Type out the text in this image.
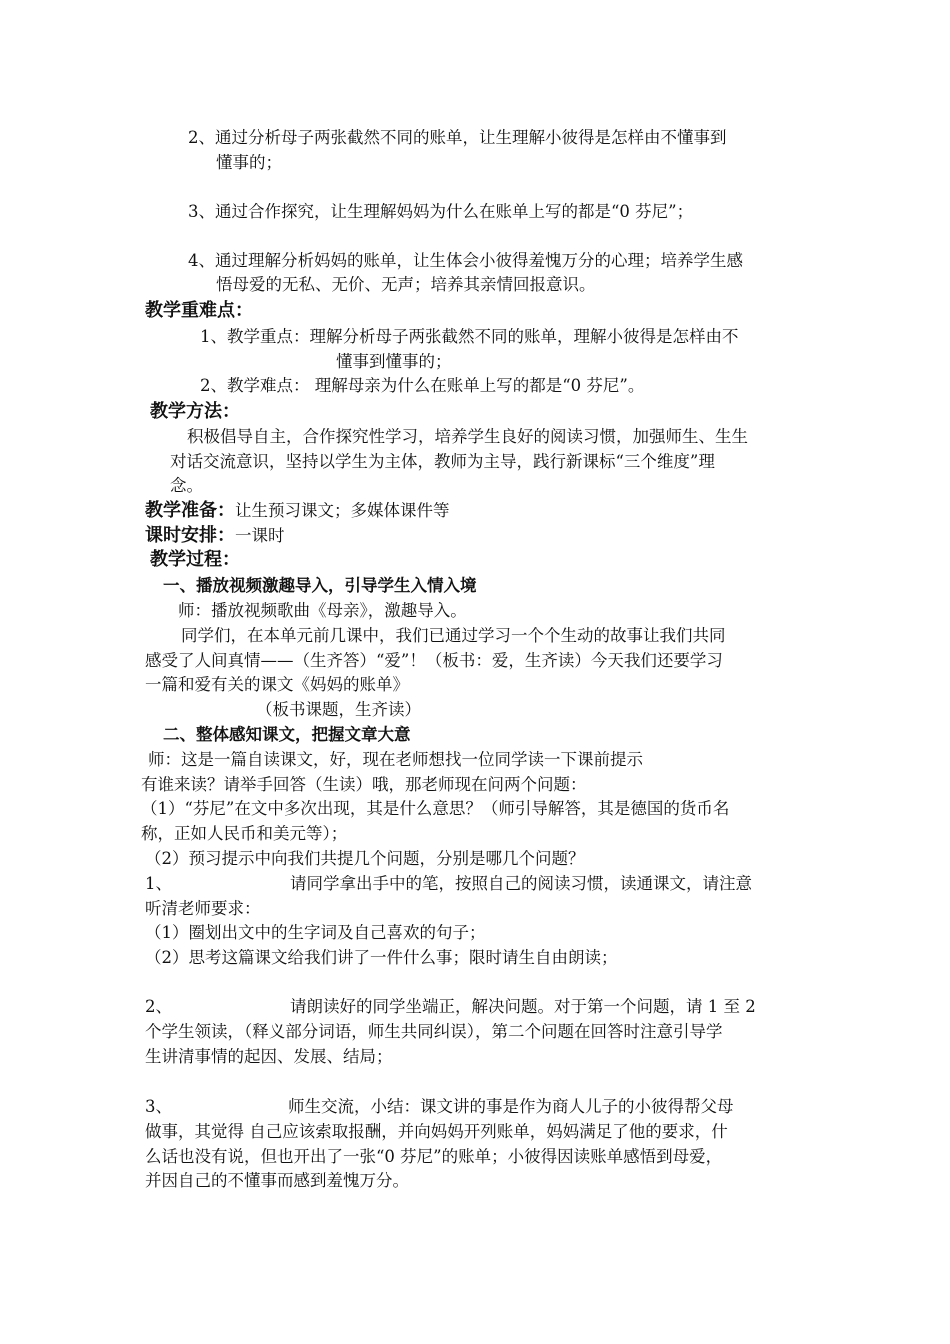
2、通过分析母子两张截然不同的账单，让生理解小彼得是怎样由不懂事到
懂事的；
3、通过合作探究，让生理解妈妈为什么在账单上写的都是“0 芬尼”；
4、通过理解分析妈妈的账单，让生体会小彼得羞愧万分的心理；培养学生感
悟母爱的无私、无价、无声；培养其亲情回报意识。
教学重难点：
1、教学重点：理解分析母子两张截然不同的账单，理解小彼得是怎样由不
懂事到懂事的；
2、教学难点： 理解母亲为什么在账单上写的都是“0 芬尼”。
教学方法：
积极倡导自主，合作探究性学习，培养学生良好的阅读习惯，加强师生、生生
对话交流意识，坚持以学生为主体，教师为主导，践行新课标“三个维度”理
念。
教学准备：让生预习课文；多媒体课件等
课时安排：一课时
教学过程：
一、播放视频激趣导入，引导学生入情入境
师：播放视频歌曲《母亲》，激趣导入。
同学们，在本单元前几课中，我们已通过学习一个个生动的故事让我们共同
感受了人间真情——（生齐答）“爱”！（板书：爱，生齐读）今天我们还要学习
一篇和爱有关的课文《妈妈的账单》
（板书课题，生齐读）
二、整体感知课文，把握文章大意
师：这是一篇自读课文，好，现在老师想找一位同学读一下课前提示
有谁来读？请举手回答（生读）哦，那老师现在问两个问题：
（1）“芬尼”在文中多次出现，其是什么意思？（师引导解答，其是德国的货币名
称，正如人民币和美元等）；
（2）预习提示中向我们共提几个问题，分别是哪几个问题？
1、	请同学拿出手中的笔，按照自己的阅读习惯，读通课文，请注意
听清老师要求：
（1）圈划出文中的生字词及自己喜欢的句子；
（2）思考这篇课文给我们讲了一件什么事；限时请生自由朗读；
2、	请朗读好的同学坐端正，解决问题。对于第一个问题，请 1 至 2
个学生领读，（释义部分词语，师生共同纠误），第二个问题在回答时注意引导学
生讲清事情的起因、发展、结局；
3、	师生交流，小结：课文讲的事是作为商人儿子的小彼得帮父母
做事，其觉得 自己应该索取报酬，并向妈妈开列账单，妈妈满足了他的要求，什
么话也没有说，但也开出了一张“0 芬尼”的账单；小彼得因读账单感悟到母爱，
并因自己的不懂事而感到羞愧万分。
